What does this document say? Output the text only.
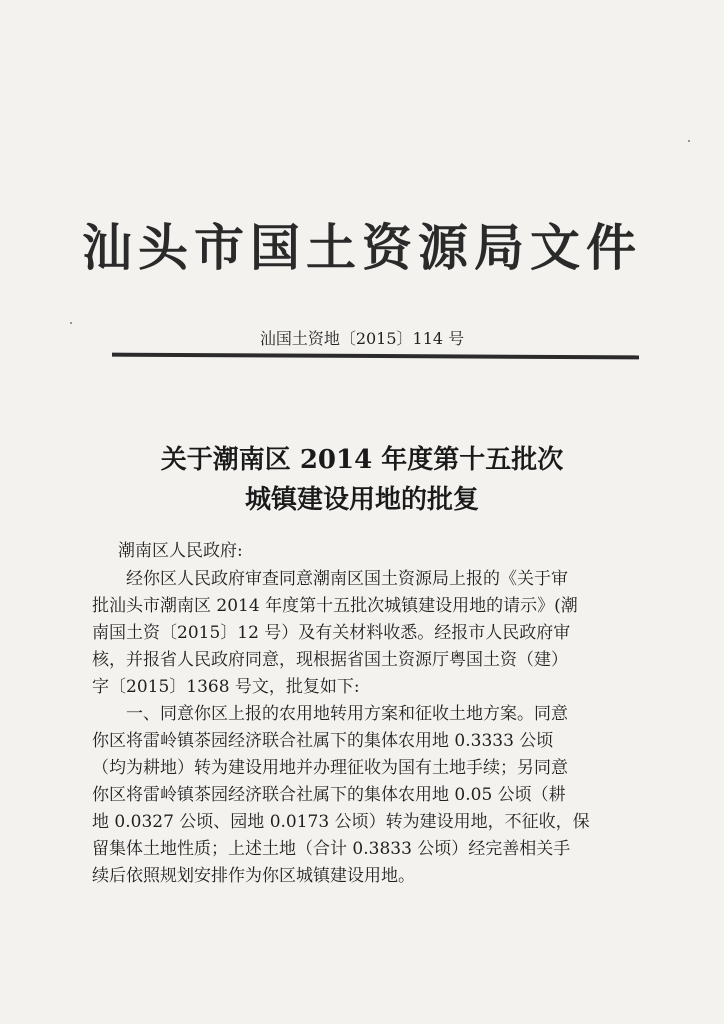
汕头市国土资源局文件
汕国土资地〔2015〕114 号
关于潮南区 2014 年度第十五批次
城镇建设用地的批复
潮南区人民政府:
　　经你区人民政府审查同意潮南区国土资源局上报的《关于审
批汕头市潮南区 2014 年度第十五批次城镇建设用地的请示》(潮
南国土资〔2015〕12 号）及有关材料收悉。经报市人民政府审
核，并报省人民政府同意，现根据省国土资源厅粤国土资（建）
字〔2015〕1368 号文，批复如下:
　　一、同意你区上报的农用地转用方案和征收土地方案。同意
你区将雷岭镇茶园经济联合社属下的集体农用地 0.3333 公顷
（均为耕地）转为建设用地并办理征收为国有土地手续；另同意
你区将雷岭镇茶园经济联合社属下的集体农用地 0.05 公顷（耕
地 0.0327 公顷、园地 0.0173 公顷）转为建设用地，不征收，保
留集体土地性质；上述土地（合计 0.3833 公顷）经完善相关手
续后依照规划安排作为你区城镇建设用地。
